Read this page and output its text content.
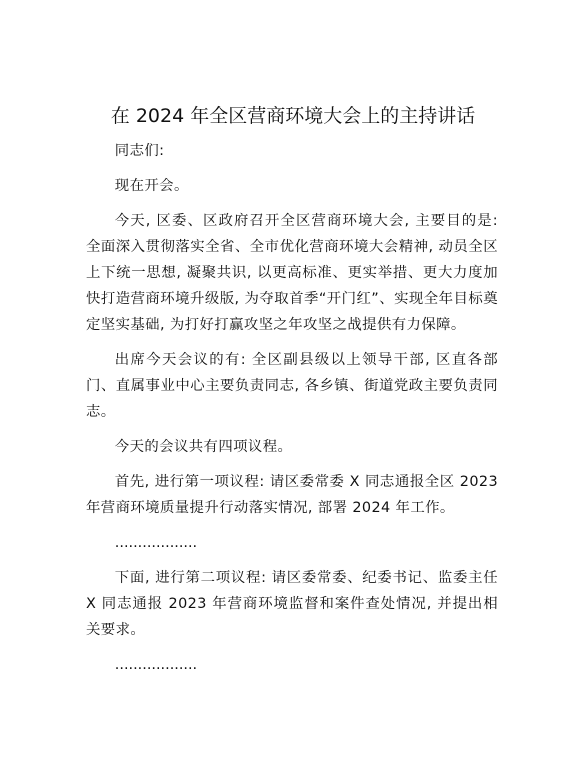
在 2024 年全区营商环境大会上的主持讲话

同志们:

现在开会。

今天, 区委、区政府召开全区营商环境大会, 主要目的是: 全面深入贯彻落实全省、全市优化营商环境大会精神, 动员全区上下统一思想, 凝聚共识, 以更高标准、更实举措、更大力度加快打造营商环境升级版, 为夺取首季“开门红”、实现全年目标奠定坚实基础, 为打好打赢攻坚之年攻坚之战提供有力保障。

出席今天会议的有: 全区副县级以上领导干部, 区直各部门、直属事业中心主要负责同志, 各乡镇、街道党政主要负责同志。

今天的会议共有四项议程。

首先, 进行第一项议程: 请区委常委 X 同志通报全区 2023 年营商环境质量提升行动落实情况, 部署 2024 年工作。

..................

下面, 进行第二项议程: 请区委常委、纪委书记、监委主任 X 同志通报 2023 年营商环境监督和案件查处情况, 并提出相关要求。

..................
